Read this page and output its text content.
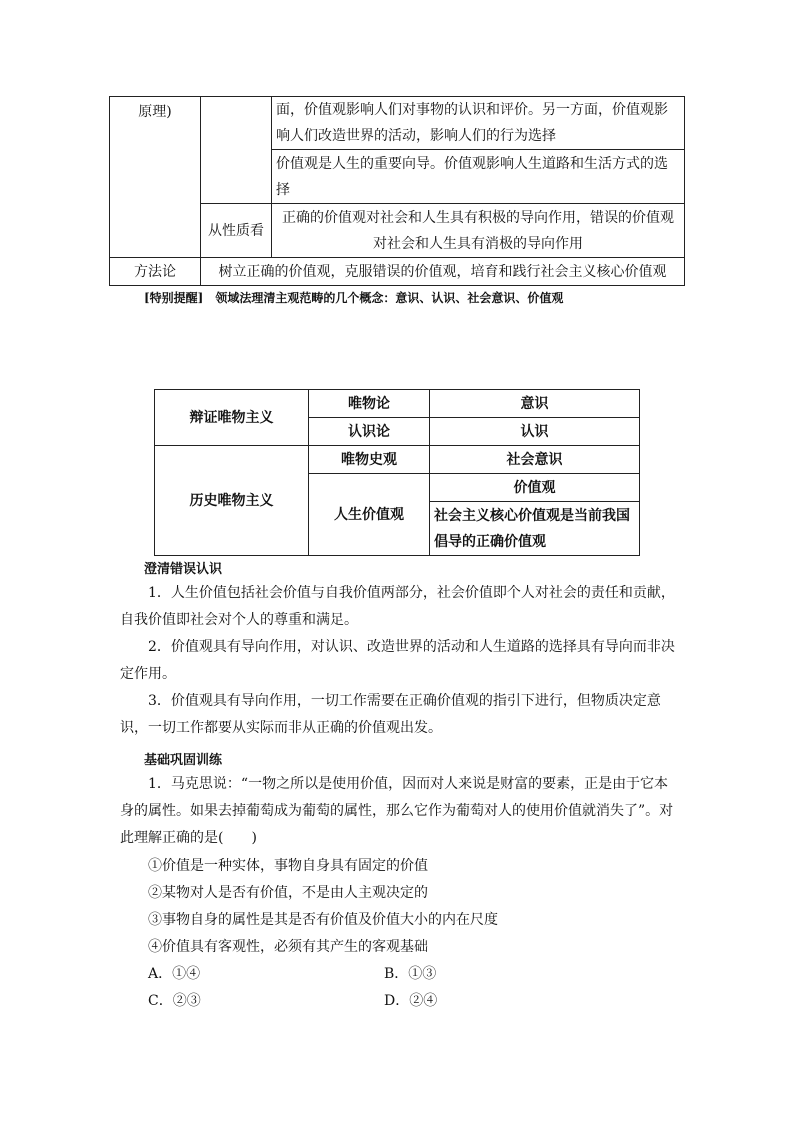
原理)		面，价值观影响人们对事物的认识和评价。另一方面，价值观影响人们改造世界的活动，影响人们的行为选择
		价值观是人生的重要向导。价值观影响人生道路和生活方式的选择
	从性质看	正确的价值观对社会和人生具有积极的导向作用，错误的价值观对社会和人生具有消极的导向作用
方法论	树立正确的价值观，克服错误的价值观，培育和践行社会主义核心价值观	
[特别提醒]　领域法理清主观范畴的几个概念：意识、认识、社会意识、价值观
辩证唯物主义	唯物论	意识
	认识论	认识
历史唯物主义	唯物史观	社会意识
	人生价值观	价值观
		社会主义核心价值观是当前我国倡导的正确价值观
澄清错误认识
1．人生价值包括社会价值与自我价值两部分，社会价值即个人对社会的责任和贡献，自我价值即社会对个人的尊重和满足。
2．价值观具有导向作用，对认识、改造世界的活动和人生道路的选择具有导向而非决定作用。
3．价值观具有导向作用，一切工作需要在正确价值观的指引下进行，但物质决定意识，一切工作都要从实际而非从正确的价值观出发。
基础巩固训练
1．马克思说：“一物之所以是使用价值，因而对人来说是财富的要素，正是由于它本身的属性。如果去掉葡萄成为葡萄的属性，那么它作为葡萄对人的使用价值就消失了”。对此理解正确的是(　　)
①价值是一种实体，事物自身具有固定的价值
②某物对人是否有价值，不是由人主观决定的
③事物自身的属性是其是否有价值及价值大小的内在尺度
④价值具有客观性，必须有其产生的客观基础
A．①④	B．①③
C．②③	D．②④
